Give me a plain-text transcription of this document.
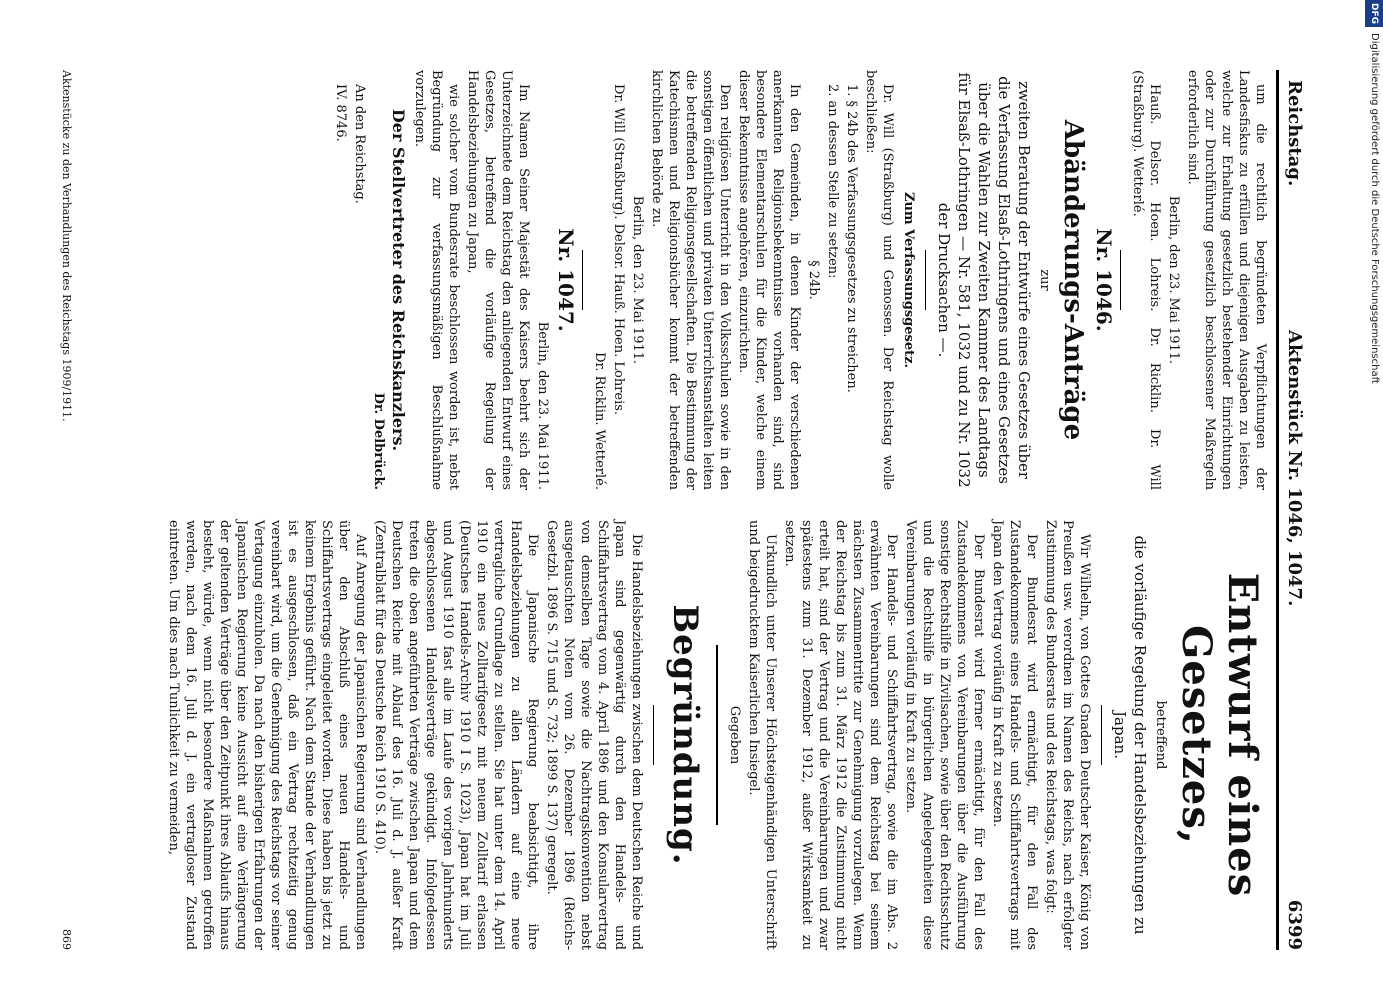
Reichstag.
Aktenstück Nr. 1046, 1047.
6399

um die rechtlich begründeten Verpflichtungen der Landesfiskus zu erfüllen und diejenigen Ausgaben zu leisten, welche zur Erhaltung gesetzlich bestehender Einrichtungen oder zur Durchführung gesetzlich beschlossener Maßregeln erforderlich sind.

Berlin, den 23. Mai 1911.

Hauß. Delsor. Hoen. Lohreis. Dr. Ricklin. Dr. Will (Straßburg). Wetterlé.

Nr. 1046.
Abänderungs-Anträge

zur

zweiten Beratung der Entwürfe eines Gesetzes über die Verfassung Elsaß-Lothringens und eines Gesetzes über die Wahlen zur Zweiten Kammer des Landtags für Elsaß-Lothringen — Nr. 581, 1032 und zu Nr. 1032 der Drucksachen —.

Zum Verfassungsgesetz.

Dr. Will (Straßburg) und Genossen. Der Reichstag wolle beschließen:

1. § 24b des Verfassungsgesetzes zu streichen.

2. an dessen Stelle zu setzen:

§ 24b.

In den Gemeinden, in denen Kinder der verschiedenen anerkannten Religionsbekenntnisse vorhanden sind, sind besondere Elementarschulen für die Kinder, welche einem dieser Bekenntnisse angehören, einzurichten.

Den religiösen Unterricht in den Volksschulen sowie in den sonstigen öffentlichen und privaten Unterrichtsanstalten leiten die betreffenden Religionsgesellschaften. Die Bestimmung der Katechismen und Religionsbücher kommt der betreffenden kirchlichen Behörde zu.

Berlin, den 23. Mai 1911.

Dr. Will (Straßburg). Delsor. Hauß. Hoen. Lohreis.

Dr. Ricklin. Wetterlé.

Nr. 1047.

Berlin, den 23. Mai 1911.

Im Namen Seiner Majestät des Kaisers beehrt sich der Unterzeichnete dem Reichstag den anliegenden Entwurf eines Gesetzes, betreffend die vorläufige Regelung der Handelsbeziehungen zu Japan,

wie solcher vom Bundesrate beschlossen worden ist, nebst Begründung zur verfassungsmäßigen Beschlußnahme vorzulegen.

Der Stellvertreter des Reichskanzlers.

Dr. Delbrück.

An den Reichstag.

IV. 8746.

Entwurf eines Gesetzes,

betreffend

die vorläufige Regelung der Handelsbeziehungen zu Japan.

Wir Wilhelm, von Gottes Gnaden Deutscher Kaiser, König von Preußen usw. verordnen im Namen des Reichs, nach erfolgter Zustimmung des Bundesrats und des Reichstags, was folgt:

Der Bundesrat wird ermächtigt, für den Fall des Zustandekommens eines Handels- und Schiffahrtsvertrags mit Japan den Vertrag vorläufig in Kraft zu setzen.

Der Bundesrat wird ferner ermächtigt, für den Fall des Zustandekommens von Vereinbarungen über die Ausführung sonstige Rechtshilfe in Zivilsachen, sowie über den Rechtsschutz und die Rechtshilfe in bürgerlichen Angelegenheiten diese Vereinbarungen vorläufig in Kraft zu setzen.

Der Handels- und Schiffahrtsvertrag, sowie die im Abs. 2 erwähnten Vereinbarungen sind dem Reichstag bei seinem nächsten Zusammentritte zur Genehmigung vorzulegen. Wenn der Reichstag bis zum 31. März 1912 die Zustimmung nicht erteilt hat, sind der Vertrag und die Vereinbarungen und zwar spätestens zum 31. Dezember 1912, außer Wirksamkeit zu setzen.

Urkundlich unter Unserer Höchsteigenhändigen Unterschrift und beigedrucktem Kaiserlichen Insiegel.

Gegeben

Begründung.

Die Handelsbeziehungen zwischen dem Deutschen Reiche und Japan sind gegenwärtig durch den Handels- und Schiffahrtsvertrag vom 4. April 1896 und den Konsularvertrag von demselben Tage sowie die Nachtragskonvention nebst ausgetauschten Noten vom 26. Dezember 1896 (Reichs-Gesetzbl. 1896 S. 715 und S. 732; 1899 S. 137) geregelt.

Die Japanische Regierung beabsichtigt, ihre Handelsbeziehungen zu allen Ländern auf eine neue vertragliche Grundlage zu stellen. Sie hat unter dem 14. April 1910 ein neues Zolltarifgesetz mit neuem Zolltarif erlassen (Deutsches Handels-Archiv 1910 I S. 1023), Japan hat im Juli und August 1910 fast alle im Laufe des vorigen Jahrhunderts abgeschlossenen Handelsverträge gekündigt. Infolgedessen treten die oben angeführten Verträge zwischen Japan und dem Deutschen Reiche mit Ablauf des 16. Juli d. J. außer Kraft (Zentralblatt für das Deutsche Reich 1910 S. 410).

Auf Anregung der Japanischen Regierung sind Verhandlungen über den Abschluß eines neuen Handels- und Schiffahrtsvertrags eingeleitet worden. Diese haben bis jetzt zu keinem Ergebnis geführt. Nach dem Stande der Verhandlungen ist es ausgeschlossen, daß ein Vertrag rechtzeitig genug vereinbart wird, um die Genehmigung des Reichstags vor seiner Vertagung einzuholen. Da nach den bisherigen Erfahrungen der Japanischen Regierung keine Aussicht auf eine Verlängerung der geltenden Verträge über den Zeitpunkt ihres Ablaufs hinaus besteht, würde, wenn nicht besondere Maßnahmen getroffen werden, nach dem 16. Juli d. J. ein vertragloser Zustand eintreten. Um dies nach Tunlichkeit zu vermeiden,

Aktenstücke zu den Verhandlungen des Reichstags 1909/1911.
869
DFGDigitalisierung gefördert durch die Deutsche Forschungsgemeinschaft
